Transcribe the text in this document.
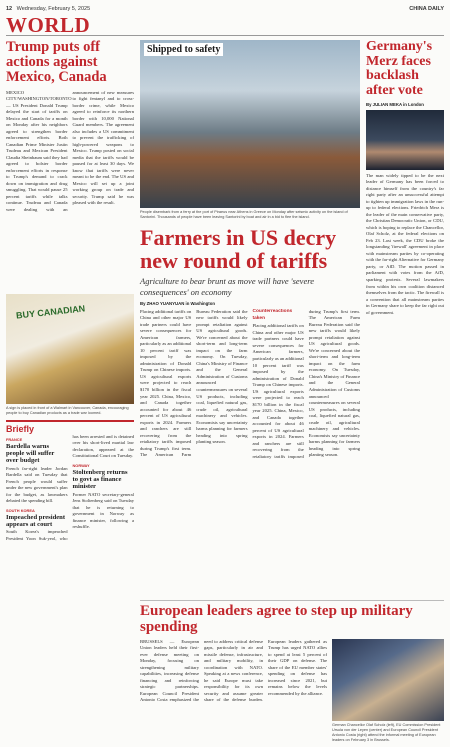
12 Wednesday, February 5, 2025	CHINA DAILY
WORLD
Trump puts off actions against Mexico, Canada
MEXICO CITY/WASHINGTON/TORONTO — US President Donald Trump delayed the start of tariffs on Mexico and Canada for a month on Monday after his neighbors agreed to strengthen border enforcement efforts. Both Canadian Prime Minister Justin Trudeau and Mexican President Claudia Sheinbaum said they had agreed to bolster border enforcement efforts in response to Trump's demand to crack down on immigration and drug smuggling. That would pause 25 percent tariffs while talks continue. Trudeau and Canada were dealing with an announcement of new measures to fight fentanyl and to cross-border crime, while Mexico agreed to reinforce its northern border with 10,000 National Guard members. The agreement also includes a US commitment to prevent the trafficking of high-powered weapons to Mexico. Trump posted on social media that the tariffs would be paused for at least 30 days. We know that tariffs were never meant to be the end. The US and Mexico will set up a joint working group on trade and security. Trump said he was pleased with the result.
BUY CANADIAN
A sign is placed in front of a Walmart in Vancouver, Canada, encouraging people to buy Canadian products as a trade war loomed.
Briefly
FRANCE
Bardella warns people will suffer over budget
French far-right leader Jordan Bardella said on Tuesday that French people would suffer under the new government's plan for the budget, as lawmakers debated the spending bill.
SOUTH KOREA
Impeached president appears at court
South Korea's impeached President Yoon Suk-yeol, who has been arrested and is detained over his short-lived martial law declaration, appeared at the Constitutional Court on Tuesday.
NORWAY
Stoltenberg returns to govt as finance minister
Former NATO secretary-general Jens Stoltenberg said on Tuesday that he is returning to government in Norway as finance minister, following a reshuffle.
Shipped to safety
People disembark from a ferry at the port of Piraeus near Athens in Greece on Monday after seismic activity on the island of Santorini. Thousands of people have been leaving Santorini by boat and air in a bid to flee the island.
Farmers in US decry new round of tariffs
Agriculture to bear brunt as move will have 'severe consequences' on economy
By ZHAO YUANYUAN in Washington
Placing additional tariffs on China and other major US trade partners could have severe consequences for American farmers, particularly as an additional 10 percent tariff was imposed by the administration of Donald Trump on Chinese imports. US agricultural exports were projected to reach $170 billion in the fiscal year 2025. China, Mexico, and Canada together accounted for about 46 percent of US agricultural exports in 2024. Farmers and ranchers are still recovering from the retaliatory tariffs imposed during Trump's first term. The American Farm Bureau Federation said the new tariffs would likely prompt retaliation against US agricultural goods. We're concerned about the short-term and long-term impact on the farm economy. On Tuesday, China's Ministry of Finance and the General Administration of Customs announced countermeasures on several US products, including coal, liquefied natural gas, crude oil, agricultural machinery and vehicles. Economists say uncertainty harms planning for farmers heading into spring planting season.
Counterreactions taken
Placing additional tariffs on China and other major US trade partners could have severe consequences for American farmers, particularly as an additional 10 percent tariff was imposed by the administration of Donald Trump on Chinese imports. US agricultural exports were projected to reach $170 billion in the fiscal year 2025. China, Mexico, and Canada together accounted for about 46 percent of US agricultural exports in 2024. Farmers and ranchers are still recovering from the retaliatory tariffs imposed during Trump's first term. The American Farm Bureau Federation said the new tariffs would likely prompt retaliation against US agricultural goods. We're concerned about the short-term and long-term impact on the farm economy. On Tuesday, China's Ministry of Finance and the General Administration of Customs announced countermeasures on several US products, including coal, liquefied natural gas, crude oil, agricultural machinery and vehicles. Economists say uncertainty harms planning for farmers heading into spring planting season.
Germany's Merz faces backlash after vote
By JULIAN MEKA in London
The man widely tipped to be the next leader of Germany has been forced to distance himself from the country's far right party after an unsuccessful attempt to tighten up immigration laws in the run-up to federal elections. Friedrich Merz is the leader of the main conservative party, the Christian Democratic Union, or CDU, which is hoping to replace the Chancellor, Olaf Scholz, at the federal elections on Feb 23. Last week, the CDU broke the longstanding 'firewall' agreement in place with mainstream parties by co-operating with the far-right Alternative for Germany party, or AfD. The motion passed in parliament with votes from the AfD, sparking protests. Several lawmakers from within his own coalition distanced themselves from the tactic. The firewall is a convention that all mainstream parties in Germany share to keep the far right out of government.
European leaders agree to step up military spending
BRUSSELS — European Union leaders held their first-ever defense meeting on Monday, focusing on strengthening military capabilities, increasing defense financing and reinforcing strategic partnerships. European Council President Antonio Costa emphasized the need to address critical defense gaps, particularly in air and missile defense, infrastructure, and military mobility, in coordination with NATO. Speaking at a news conference, he said Europe must take responsibility for its own security and assume greater share of the defense burden. European leaders gathered as Trump has urged NATO allies to spend at least 5 percent of their GDP on defense. The share of the EU member states' spending on defense has increased since 2021, but remains below the levels recommended by the alliance.
German Chancellor Olaf Scholz (left), EU Commission President Ursula von der Leyen (center) and European Council President Antonio Costa (right) attend the informal meeting of European leaders on February 3 in Brussels.
